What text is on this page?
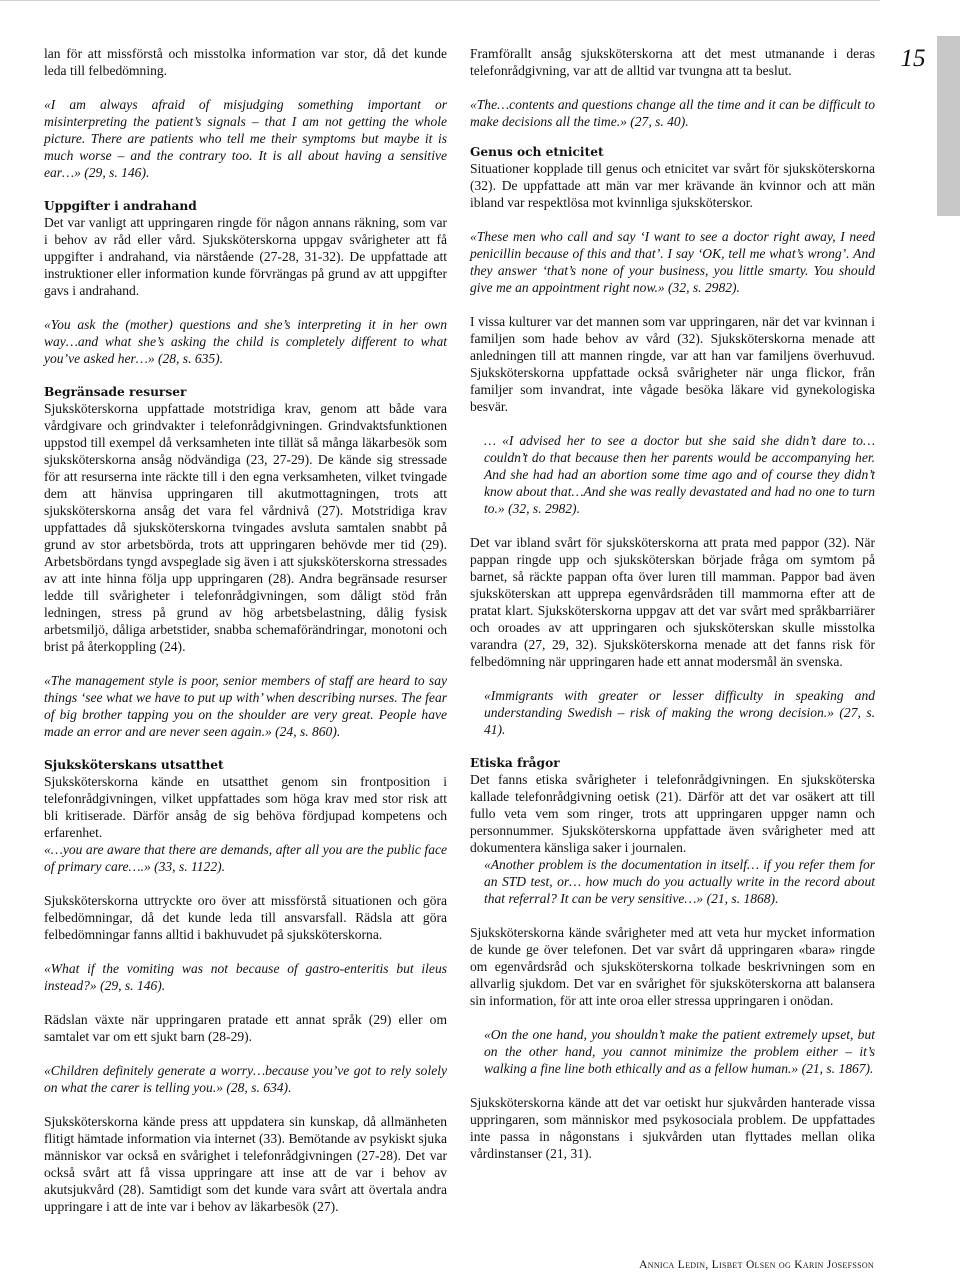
15

lan för att missförstå och misstolka information var stor, då det kunde leda till felbedömning.

«I am always afraid of misjudging something important or misinterpreting the patient’s signals – that I am not getting the whole picture. There are patients who tell me their symptoms but maybe it is much worse – and the contrary too. It is all about having a sensitive ear…» (29, s. 146).

Uppgifter i andrahand

Det var vanligt att uppringaren ringde för någon annans räkning, som var i behov av råd eller vård. Sjuksköterskorna uppgav svårigheter att få uppgifter i andrahand, via närstående (27-28, 31-32). De uppfattade att instruktioner eller information kunde förvrängas på grund av att uppgifter gavs i andrahand.

«You ask the (mother) questions and she’s interpreting it in her own way…and what she’s asking the child is completely different to what you’ve asked her…» (28, s. 635).

Begränsade resurser

Sjuksköterskorna uppfattade motstridiga krav, genom att både vara vårdgivare och grindvakter i telefonrådgivningen. Grindvaktsfunktionen uppstod till exempel då verksamheten inte tillät så många läkarbesök som sjuksköterskorna ansåg nödvändiga (23, 27-29). De kände sig stressade för att resurserna inte räckte till i den egna verksamheten, vilket tvingade dem att hänvisa uppringaren till akutmottagningen, trots att sjuksköterskorna ansåg det vara fel vårdnivå (27). Motstridiga krav uppfattades då sjuksköterskorna tvingades avsluta samtalen snabbt på grund av stor arbetsbörda, trots att uppringaren behövde mer tid (29). Arbetsbördans tyngd avspeglade sig även i att sjuksköterskorna stressades av att inte hinna följa upp uppringaren (28). Andra begränsade resurser ledde till svårigheter i telefonrådgivningen, som dåligt stöd från ledningen, stress på grund av hög arbetsbelastning, dålig fysisk arbetsmiljö, dåliga arbetstider, snabba schemaförändringar, monotoni och brist på återkoppling (24).

«The management style is poor, senior members of staff are heard to say things ‘see what we have to put up with’ when describing nurses. The fear of big brother tapping you on the shoulder are very great. People have made an error and are never seen again.» (24, s. 860).

Sjuksköterskans utsatthet

Sjuksköterskorna kände en utsatthet genom sin frontposition i telefonrådgivningen, vilket uppfattades som höga krav med stor risk att bli kritiserade. Därför ansåg de sig behöva fördjupad kompetens och erfarenhet.

«…you are aware that there are demands, after all you are the public face of primary care….» (33, s. 1122).

Sjuksköterskorna uttryckte oro över att missförstå situationen och göra felbedömningar, då det kunde leda till ansvarsfall. Rädsla att göra felbedömningar fanns alltid i bakhuvudet på sjuksköterskorna.

«What if the vomiting was not because of gastro-enteritis but ileus instead?» (29, s. 146).

Rädslan växte när uppringaren pratade ett annat språk (29) eller om samtalet var om ett sjukt barn (28-29).

«Children definitely generate a worry…because you’ve got to rely solely on what the carer is telling you.» (28, s. 634).

Sjuksköterskorna kände press att uppdatera sin kunskap, då allmänheten flitigt hämtade information via internet (33). Bemötande av psykiskt sjuka människor var också en svårighet i telefonrådgivningen (27-28). Det var också svårt att få vissa uppringare att inse att de var i behov av akutsjukvård (28). Samtidigt som det kunde vara svårt att övertala andra uppringare i att de inte var i behov av läkarbesök (27).

Framförallt ansåg sjuksköterskorna att det mest utmanande i deras telefonrådgivning, var att de alltid var tvungna att ta beslut.

«The…contents and questions change all the time and it can be difficult to make decisions all the time.» (27, s. 40).

Genus och etnicitet

Situationer kopplade till genus och etnicitet var svårt för sjuksköterskorna (32). De uppfattade att män var mer krävande än kvinnor och att män ibland var respektlösa mot kvinnliga sjuksköterskor.

«These men who call and say ‘I want to see a doctor right away, I need penicillin because of this and that’. I say ‘OK, tell me what’s wrong’. And they answer ‘that’s none of your business, you little smarty. You should give me an appointment right now.» (32, s. 2982).

I vissa kulturer var det mannen som var uppringaren, när det var kvinnan i familjen som hade behov av vård (32). Sjuksköterskorna menade att anledningen till att mannen ringde, var att han var familjens överhuvud. Sjuksköterskorna uppfattade också svårigheter när unga flickor, från familjer som invandrat, inte vågade besöka läkare vid gynekologiska besvär.

… «I advised her to see a doctor but she said she didn’t dare to…couldn’t do that because then her parents would be accompanying her. And she had had an abortion some time ago and of course they didn’t know about that…And she was really devastated and had no one to turn to.» (32, s. 2982).

Det var ibland svårt för sjuksköterskorna att prata med pappor (32). När pappan ringde upp och sjuksköterskan började fråga om symtom på barnet, så räckte pappan ofta över luren till mamman. Pappor bad även sjuksköterskan att upprepa egenvårdsråden till mammorna efter att de pratat klart. Sjuksköterskorna uppgav att det var svårt med språkbarriärer och oroades av att uppringaren och sjuksköterskan skulle misstolka varandra (27, 29, 32). Sjuksköterskorna menade att det fanns risk för felbedömning när uppringaren hade ett annat modersmål än svenska.

«Immigrants with greater or lesser difficulty in speaking and understanding Swedish – risk of making the wrong decision.» (27, s. 41).

Etiska frågor

Det fanns etiska svårigheter i telefonrådgivningen. En sjuksköterska kallade telefonrådgivning oetisk (21). Därför att det var osäkert att till fullo veta vem som ringer, trots att uppringaren uppger namn och personnummer. Sjuksköterskorna uppfattade även svårigheter med att dokumentera känsliga saker i journalen.

«Another problem is the documentation in itself… if you refer them for an STD test, or… how much do you actually write in the record about that referral? It can be very sensitive…» (21, s. 1868).

Sjuksköterskorna kände svårigheter med att veta hur mycket information de kunde ge över telefonen. Det var svårt då uppringaren «bara» ringde om egenvårdsråd och sjuksköterskorna tolkade beskrivningen som en allvarlig sjukdom. Det var en svårighet för sjuksköterskorna att balansera sin information, för att inte oroa eller stressa uppringaren i onödan.

«On the one hand, you shouldn’t make the patient extremely upset, but on the other hand, you cannot minimize the problem either – it’s walking a fine line both ethically and as a fellow human.» (21, s. 1867).

Sjuksköterskorna kände att det var oetiskt hur sjukvården hanterade vissa uppringaren, som människor med psykosociala problem. De uppfattades inte passa in någonstans i sjukvården utan flyttades mellan olika vårdinstanser (21, 31).

Annica Ledin, Lisbet Olsen og Karin Josefsson
